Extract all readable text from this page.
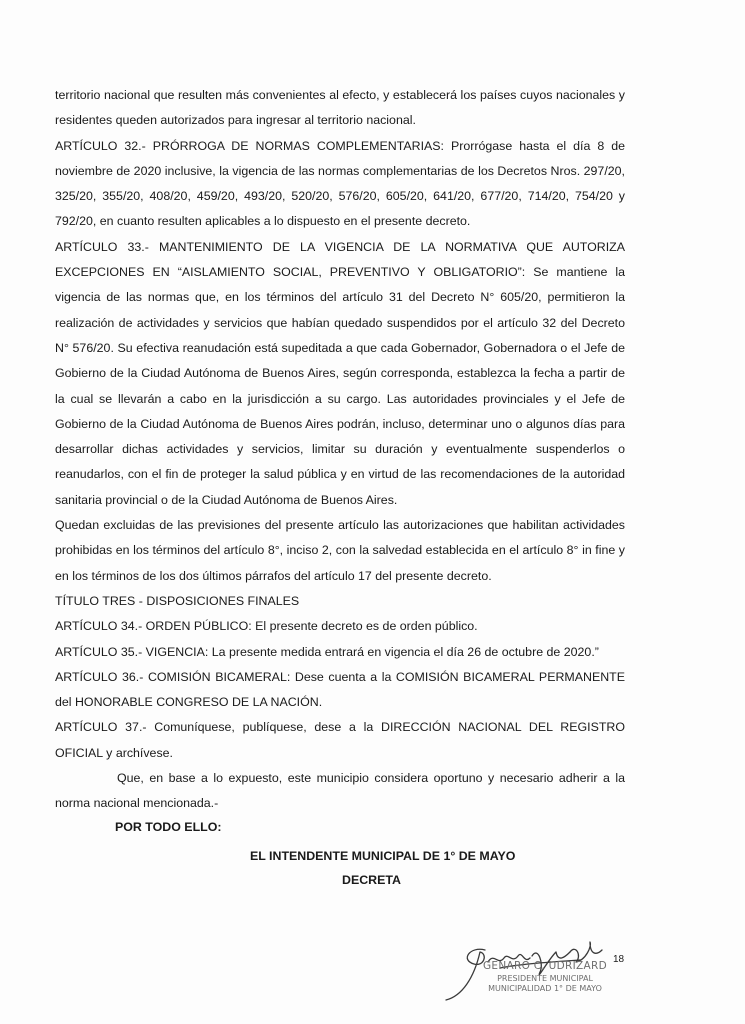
territorio nacional que resulten más convenientes al efecto, y establecerá los países cuyos nacionales y residentes queden autorizados para ingresar al territorio nacional.

ARTÍCULO 32.- PRÓRROGA DE NORMAS COMPLEMENTARIAS: Prorrógase hasta el día 8 de noviembre de 2020 inclusive, la vigencia de las normas complementarias de los Decretos Nros. 297/20, 325/20, 355/20, 408/20, 459/20, 493/20, 520/20, 576/20, 605/20, 641/20, 677/20, 714/20, 754/20 y 792/20, en cuanto resulten aplicables a lo dispuesto en el presente decreto.

ARTÍCULO 33.- MANTENIMIENTO DE LA VIGENCIA DE LA NORMATIVA QUE AUTORIZA EXCEPCIONES EN “AISLAMIENTO SOCIAL, PREVENTIVO Y OBLIGATORIO”: Se mantiene la vigencia de las normas que, en los términos del artículo 31 del Decreto N° 605/20, permitieron la realización de actividades y servicios que habían quedado suspendidos por el artículo 32 del Decreto N° 576/20. Su efectiva reanudación está supeditada a que cada Gobernador, Gobernadora o el Jefe de Gobierno de la Ciudad Autónoma de Buenos Aires, según corresponda, establezca la fecha a partir de la cual se llevarán a cabo en la jurisdicción a su cargo. Las autoridades provinciales y el Jefe de Gobierno de la Ciudad Autónoma de Buenos Aires podrán, incluso, determinar uno o algunos días para desarrollar dichas actividades y servicios, limitar su duración y eventualmente suspenderlos o reanudarlos, con el fin de proteger la salud pública y en virtud de las recomendaciones de la autoridad sanitaria provincial o de la Ciudad Autónoma de Buenos Aires.

Quedan excluidas de las previsiones del presente artículo las autorizaciones que habilitan actividades prohibidas en los términos del artículo 8°, inciso 2, con la salvedad establecida en el artículo 8° in fine y en los términos de los dos últimos párrafos del artículo 17 del presente decreto.

TÍTULO TRES - DISPOSICIONES FINALES

ARTÍCULO 34.- ORDEN PÚBLICO: El presente decreto es de orden público.

ARTÍCULO 35.- VIGENCIA: La presente medida entrará en vigencia el día 26 de octubre de 2020.”

ARTÍCULO 36.- COMISIÓN BICAMERAL: Dese cuenta a la COMISIÓN BICAMERAL PERMANENTE del HONORABLE CONGRESO DE LA NACIÓN.

ARTÍCULO 37.- Comuníquese, publíquese, dese a la DIRECCIÓN NACIONAL DEL REGISTRO OFICIAL y archívese.

Que, en base a lo expuesto, este municipio considera oportuno y necesario adherir a la norma nacional mencionada.-

POR TODO ELLO:
EL INTENDENTE MUNICIPAL DE 1° DE MAYO
DECRETA
GENARO C. UDRIZARD
PRESIDENTE MUNICIPAL
MUNICIPALIDAD 1° DE MAYO
18
